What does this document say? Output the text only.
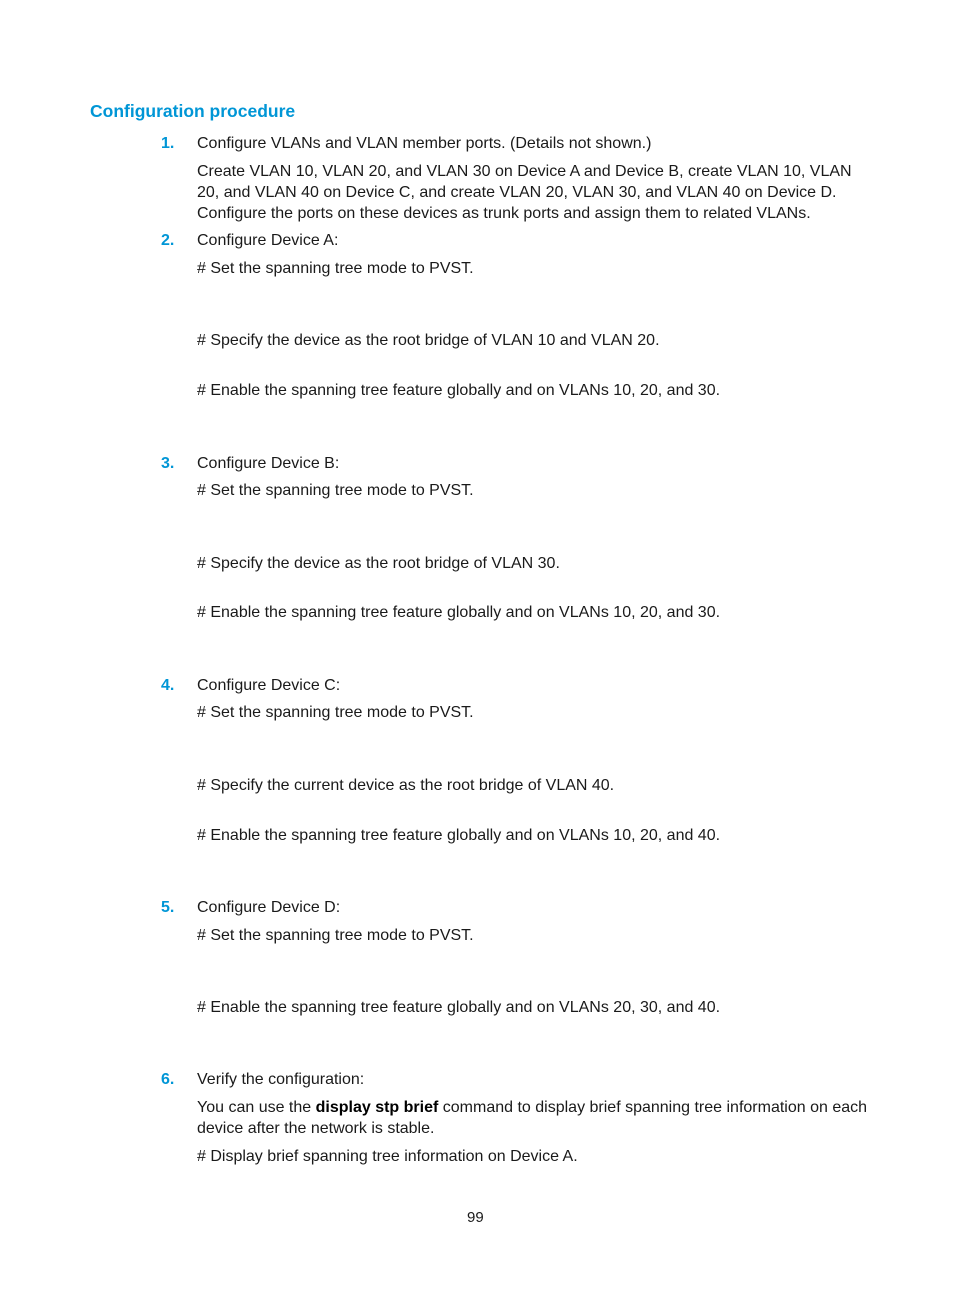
Configuration procedure
1. Configure VLANs and VLAN member ports. (Details not shown.)
Create VLAN 10, VLAN 20, and VLAN 30 on Device A and Device B, create VLAN 10, VLAN 20, and VLAN 40 on Device C, and create VLAN 20, VLAN 30, and VLAN 40 on Device D. Configure the ports on these devices as trunk ports and assign them to related VLANs.
2. Configure Device A:
# Set the spanning tree mode to PVST.
# Specify the device as the root bridge of VLAN 10 and VLAN 20.
# Enable the spanning tree feature globally and on VLANs 10, 20, and 30.
3. Configure Device B:
# Set the spanning tree mode to PVST.
# Specify the device as the root bridge of VLAN 30.
# Enable the spanning tree feature globally and on VLANs 10, 20, and 30.
4. Configure Device C:
# Set the spanning tree mode to PVST.
# Specify the current device as the root bridge of VLAN 40.
# Enable the spanning tree feature globally and on VLANs 10, 20, and 40.
5. Configure Device D:
# Set the spanning tree mode to PVST.
# Enable the spanning tree feature globally and on VLANs 20, 30, and 40.
6. Verify the configuration:
You can use the display stp brief command to display brief spanning tree information on each device after the network is stable.
# Display brief spanning tree information on Device A.
99
